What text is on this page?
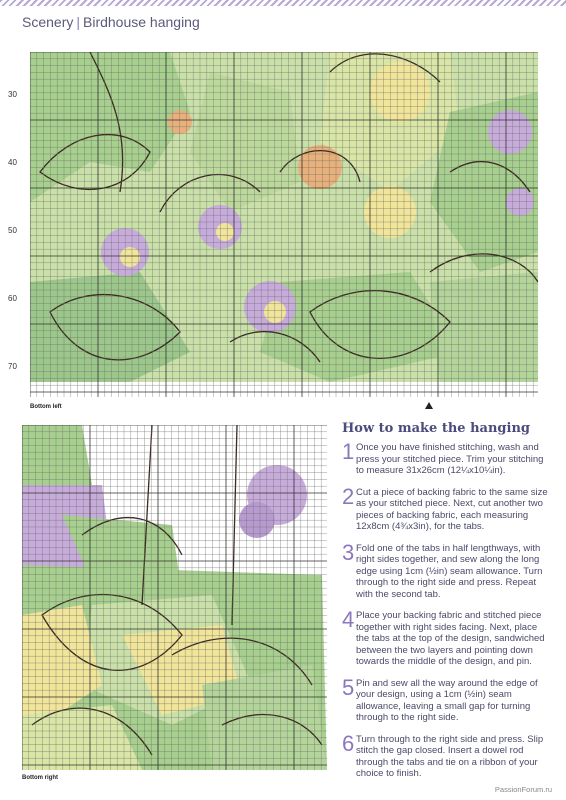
Scenery | Birdhouse hanging
30
40
50
60
70
Bottom left
Bottom right
How to make the hanging
1 Once you have finished stitching, wash and press your stitched piece. Trim your stitching to measure 31x26cm (12¼x10¼in).
2 Cut a piece of backing fabric to the same size as your stitched piece. Next, cut another two pieces of backing fabric, each measuring 12x8cm (4¾x3in), for the tabs.
3 Fold one of the tabs in half lengthways, with right sides together, and sew along the long edge using 1cm (½in) seam allowance. Turn through to the right side and press. Repeat with the second tab.
4 Place your backing fabric and stitched piece together with right sides facing. Next, place the tabs at the top of the design, sandwiched between the two layers and pointing down towards the middle of the design, and pin.
5 Pin and sew all the way around the edge of your design, using a 1cm (½in) seam allowance, leaving a small gap for turning through to the right side.
6 Turn through to the right side and press. Slip stitch the gap closed. Insert a dowel rod through the tabs and tie on a ribbon of your choice to finish.
PassionForum.ru
